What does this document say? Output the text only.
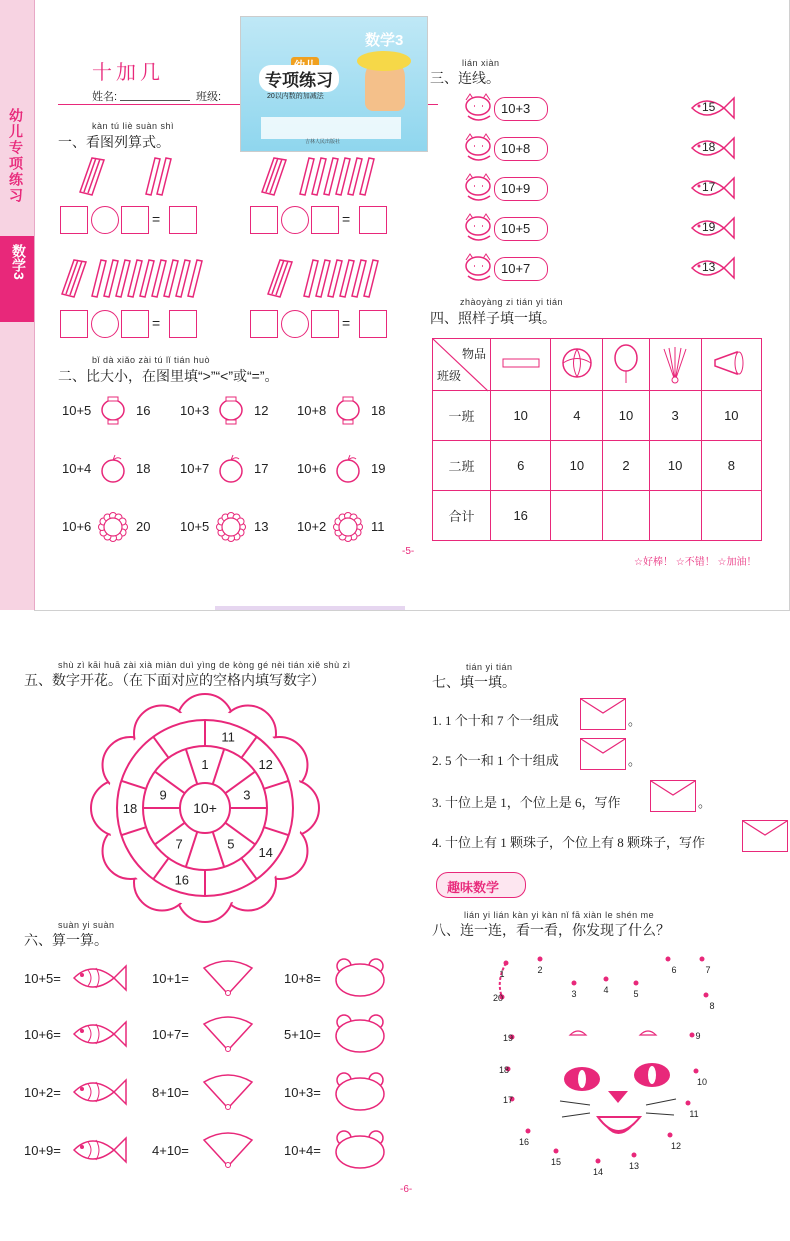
幼儿专项练习
数学3
十加几
姓名:	班级:
数学3
专项练习
20以内数的加减法
吉林人民出版社
kàn tú liè suàn shì
一、看图列算式。
=	=
=	=
bǐ dà xiǎo zài tú lǐ tián huò
二、比大小，在图里填“>”“<”或“=”。
10+5	16 10+3	12 10+8	18
10+4	18 10+7	17 10+6	19
10+6	20 10+5	13 10+2	11
lián xiàn
三、连线。
10+3
10+8
10+9
10+5
10+7
15
18
17
19
13
zhàoyàng zi tián yi tián
四、照样子填一填。
物品
班级

一班	10	4	10	3	10
二班	6	10	2	10	8
合计	16				
-5-
☆好棒！ ☆不错！ ☆加油！
shù zì kāi huā zài xià miàn duì yìng de kòng gé nèi tián xiě shù zì
五、数字开花。（在下面对应的空格内填写数字）
10+
1
3
5
7
9
11
12
14
16
18
suàn yi suàn
六、算一算。
10+5=	10+1=	10+8=
10+6=	10+7=	5+10=
10+2=	8+10=	10+3=
10+9=	4+10=	10+4=
tián yi tián
七、填一填。
1. 1 个十和 7 个一组成	。
2. 5 个一和 1 个十组成	。
3. 十位上是 1，个位上是 6，写作	。
4. 十位上有 1 颗珠子，个位上有 8 颗珠子，写作
趣味数学
lián yi lián kàn yi kàn nǐ fā xiàn le shén me
八、连一连，看一看，你发现了什么？
1	2
3	4	5
6	7
8
9
10
11
12
13
14
15
16
17
18
19
20
-6-
